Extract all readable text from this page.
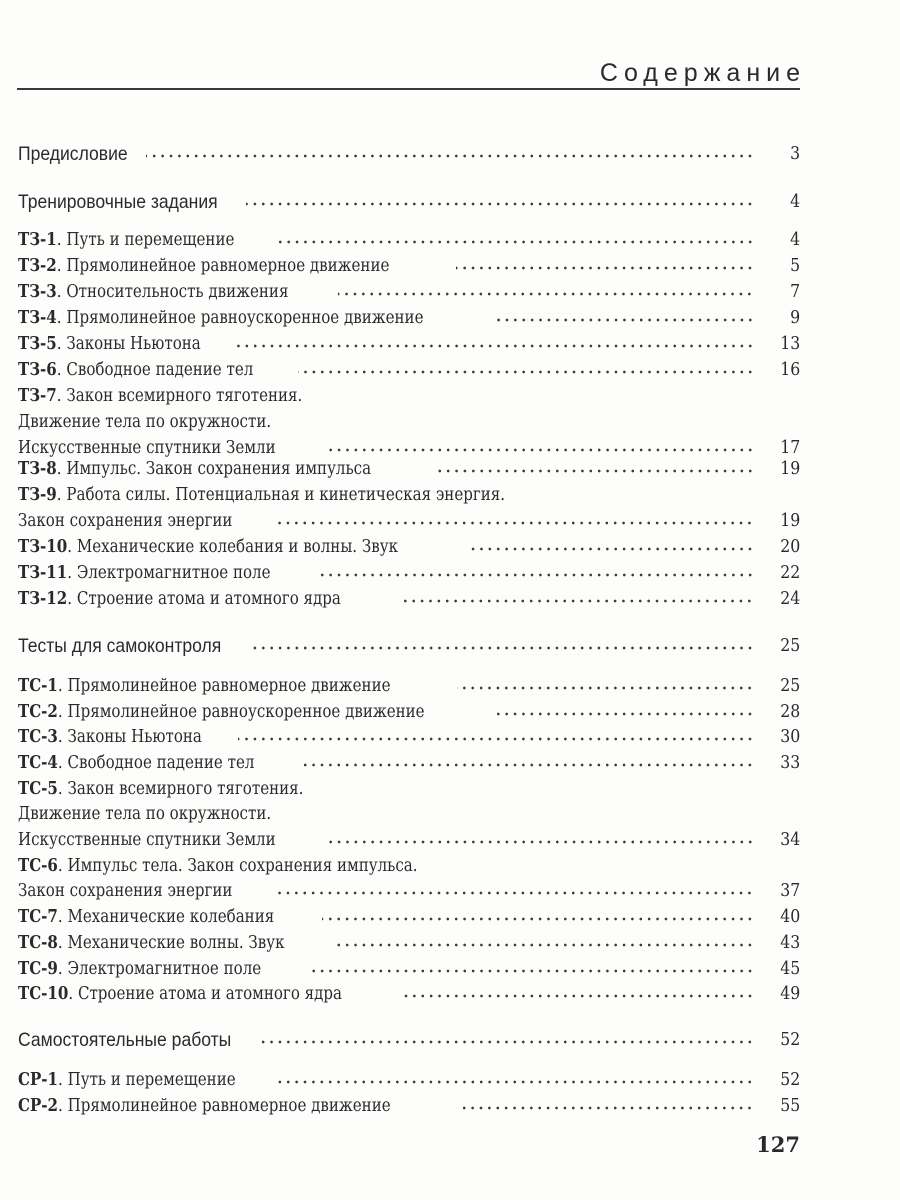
Содержание
Предисловие	3
Тренировочные задания	4
ТЗ-1. Путь и перемещение	4
ТЗ-2. Прямолинейное равномерное движение	5
ТЗ-3. Относительность движения	7
ТЗ-4. Прямолинейное равноускоренное движение	9
ТЗ-5. Законы Ньютона	13
ТЗ-6. Свободное падение тел	16
ТЗ-7. Закон всемирного тяготения.
Движение тела по окружности.
Искусственные спутники Земли	17
ТЗ-8. Импульс. Закон сохранения импульса	19
ТЗ-9. Работа силы. Потенциальная и кинетическая энергия.
Закон сохранения энергии	19
ТЗ-10. Механические колебания и волны. Звук	20
ТЗ-11. Электромагнитное поле	22
ТЗ-12. Строение атома и атомного ядра	24
Тесты для самоконтроля	25
ТС-1. Прямолинейное равномерное движение	25
ТС-2. Прямолинейное равноускоренное движение	28
ТС-3. Законы Ньютона	30
ТС-4. Свободное падение тел	33
ТС-5. Закон всемирного тяготения.
Движение тела по окружности.
Искусственные спутники Земли	34
ТС-6. Импульс тела. Закон сохранения импульса.
Закон сохранения энергии	37
ТС-7. Механические колебания	40
ТС-8. Механические волны. Звук	43
ТС-9. Электромагнитное поле	45
ТС-10. Строение атома и атомного ядра	49
Самостоятельные работы	52
СР-1. Путь и перемещение	52
СР-2. Прямолинейное равномерное движение	55
127
